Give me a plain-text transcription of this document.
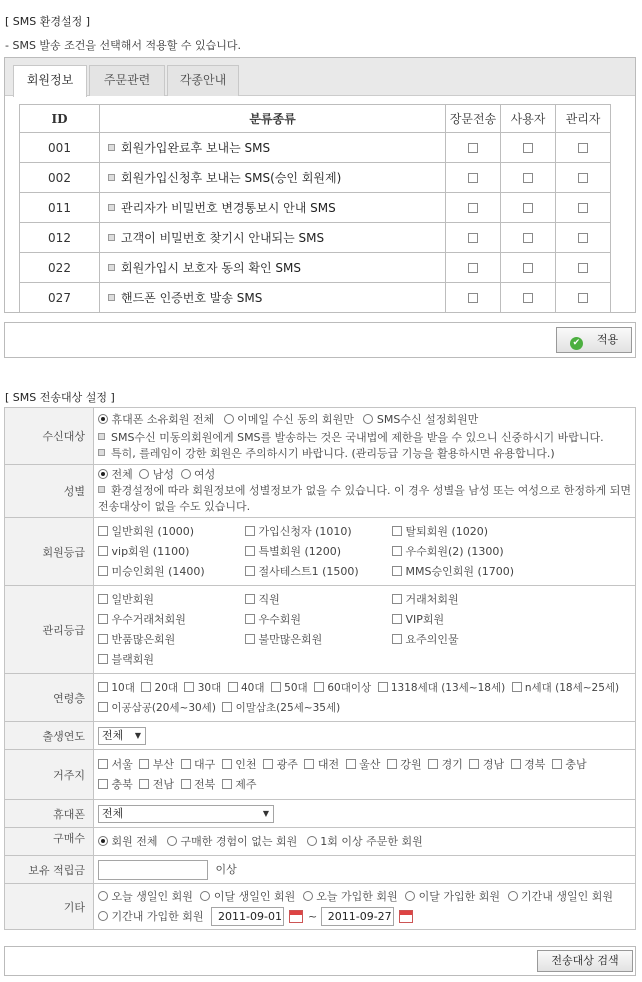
[ SMS 환경설정 ]
- SMS 발송 조건을 선택해서 적용할 수 있습니다.
회원정보	주문관련	각종안내
ID	분류종류	장문전송	사용자	관리자
001	회원가입완료후 보내는 SMS			
002	회원가입신청후 보내는 SMS(승인 회원제)			
011	관리자가 비밀번호 변경통보시 안내 SMS			
012	고객이 비밀번호 찾기시 안내되는 SMS			
022	회원가입시 보호자 동의 확인 SMS			
027	핸드폰 인증번호 발송 SMS			
✔ 적용
[ SMS 전송대상 설정 ]
수신대상	휴대폰 소유회원 전체 이메일 수신 동의 회원만 SMS수신 설정회원만
SMS수신 미동의회원에게 SMS를 발송하는 것은 국내법에 제한을 받을 수 있으니 신중하시기 바랍니다.
특히, 를레임이 강한 회원은 주의하시기 바랍니다. (관리등급 기능을 활용하시면 유용합니다.)

성별	전체 남성 여성
환경설정에 따라 회원정보에 성별정보가 없을 수 있습니다. 이 경우 성별을 남성 또는 여성으로 한정하게 되면 전송대상이 없을 수도 있습니다.

회원등급	일반회원 (1000) 가입신청자 (1010) 탈퇴회원 (1020)
vip회원 (1100) 특별회원 (1200) 우수회원(2) (1300)
미승인회원 (1400) 절사테스트1 (1500) MMS승인회원 (1700)
관리등급	일반회원 직원 거래처회원
우수거래처회원 우수회원 VIP회원
반품많은회원 불만많은회원 요주의인물
블랙회원
연령층	10대 20대 30대 40대 50대 60대이상 1318세대 (13세~18세) n세대 (18세~25세)
이공삼공(20세~30세) 이말삼초(25세~35세)
출생연도	전체 ▼

거주지	서울 부산 대구 인천 광주 대전 울산 강원 경기 경남 경북 충남
충북 전남 전북 제주
휴대폰	전체 ▼

구매수	회원 전체 구매한 경험이 없는 회원 1회 이상 주문한 회원
보유 적립금	이상
기타	오늘 생일인 회원 이달 생일인 회원 오늘 가입한 회원 이달 가입한 회원 기간내 생일인 회원
기간내 가입한 회원 2011-09-01 ~ 2011-09-27
전송대상 검색
